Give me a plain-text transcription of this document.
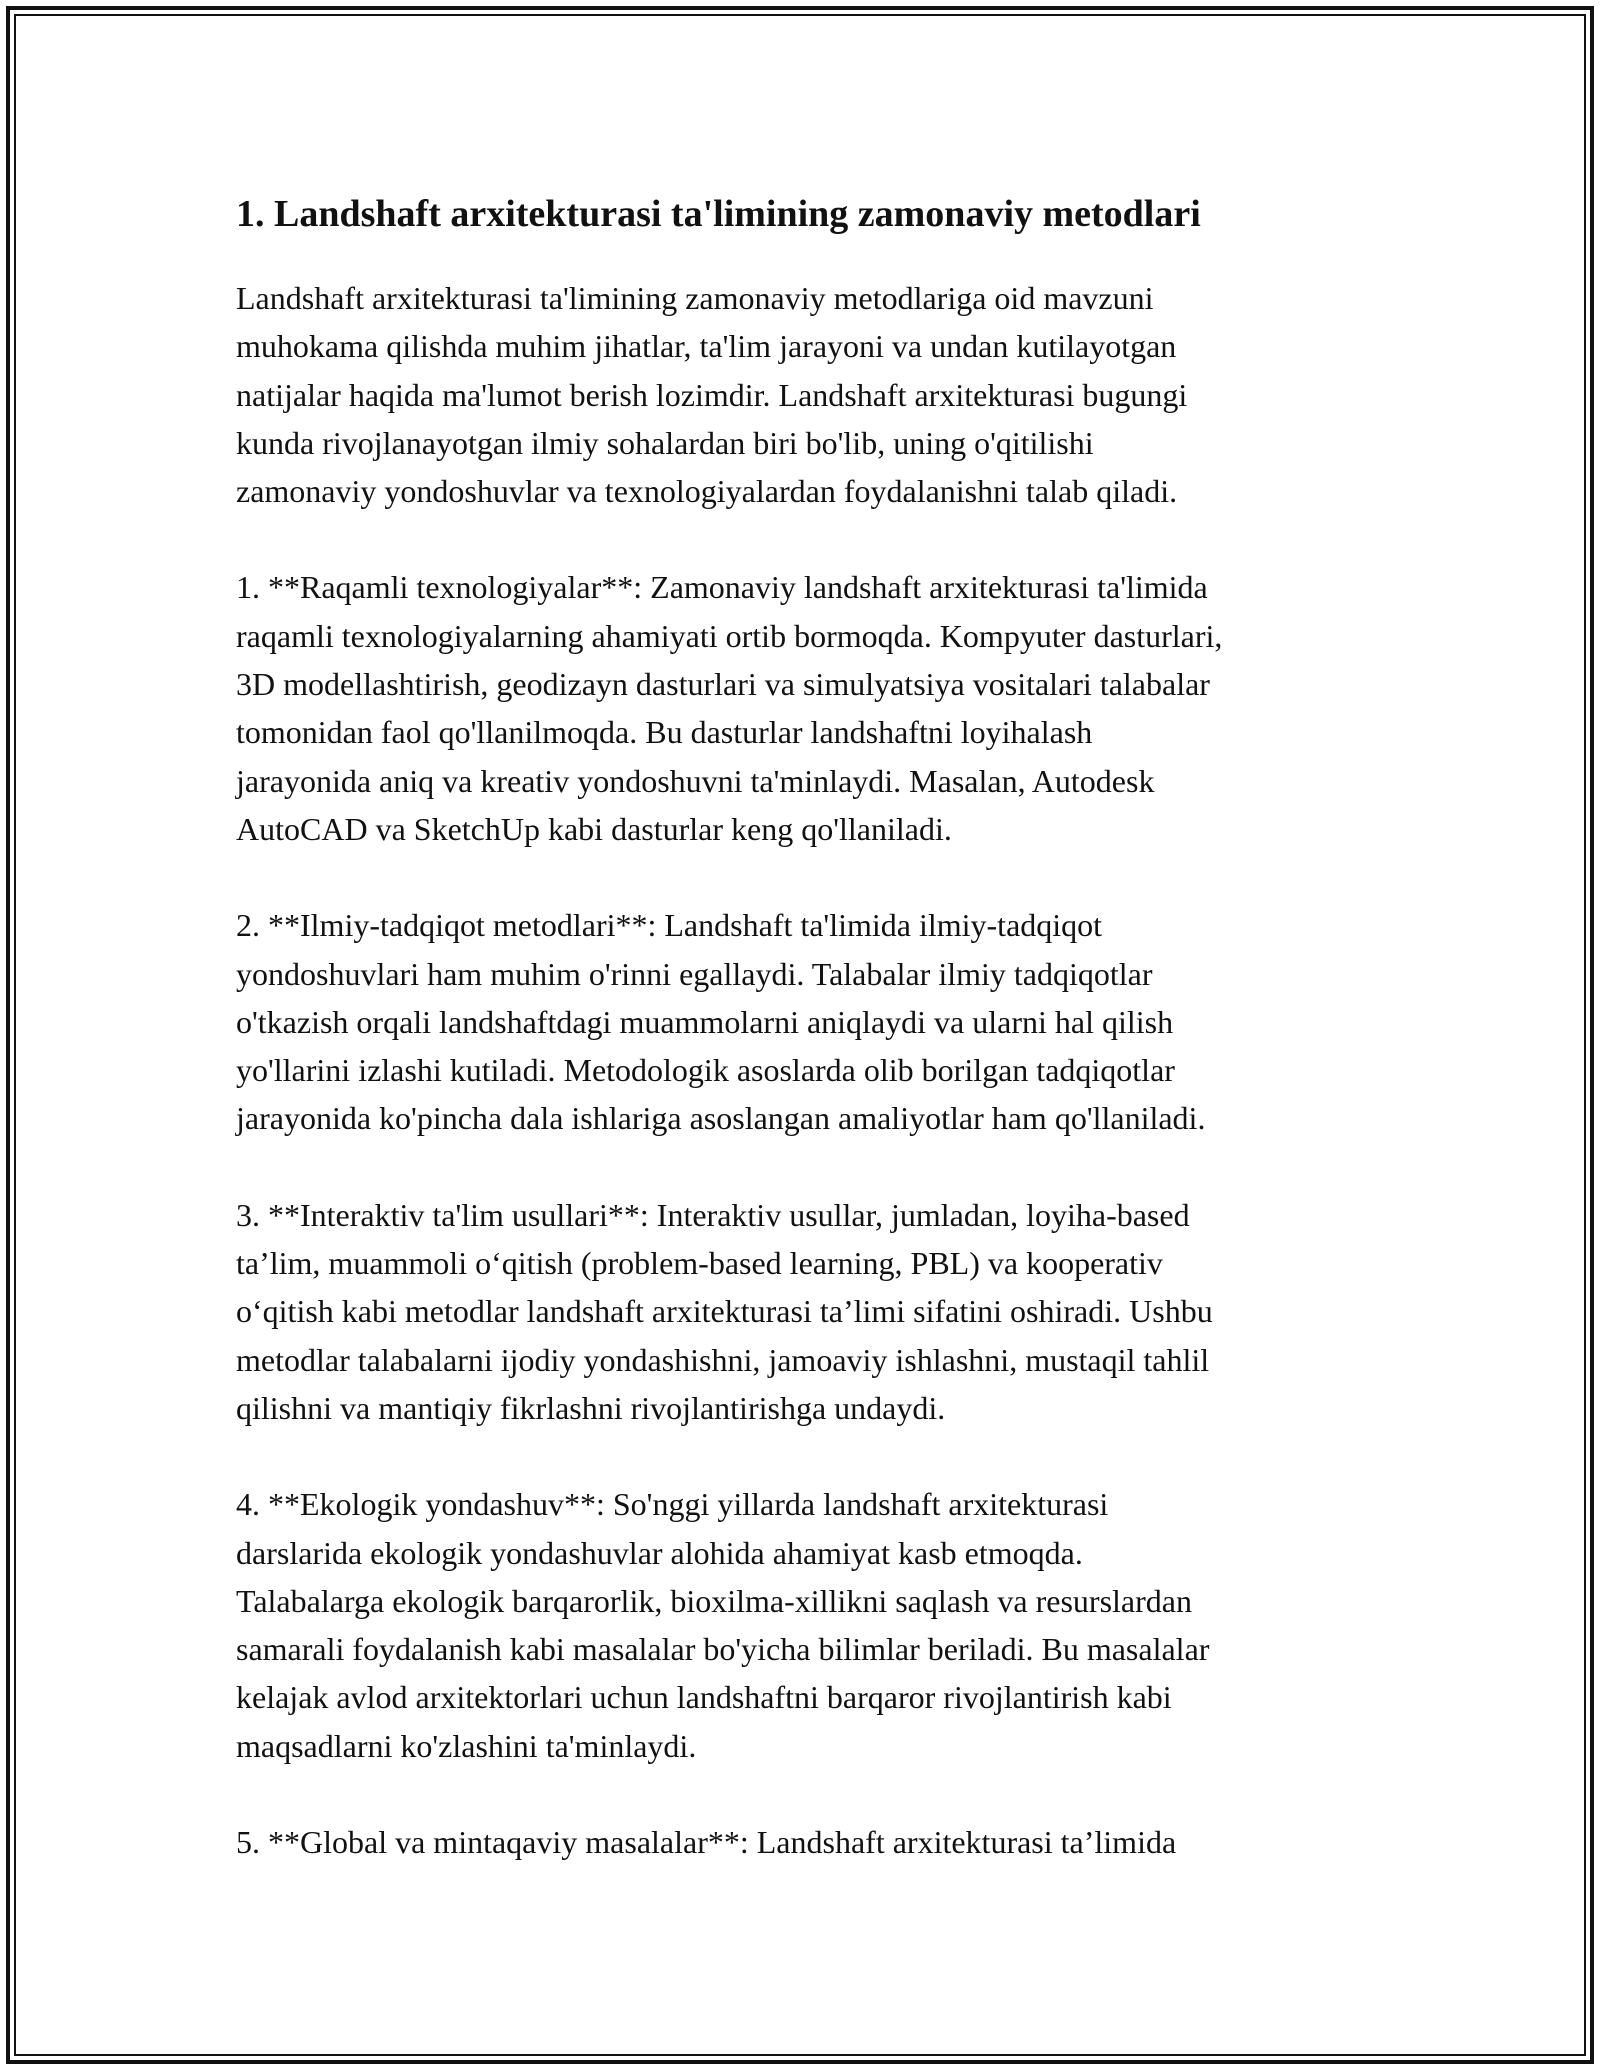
1. Landshaft arxitekturasi ta'limining zamonaviy metodlari

Landshaft arxitekturasi ta'limining zamonaviy metodlariga oid mavzuni
muhokama qilishda muhim jihatlar, ta'lim jarayoni va undan kutilayotgan
natijalar haqida ma'lumot berish lozimdir. Landshaft arxitekturasi bugungi
kunda rivojlanayotgan ilmiy sohalardan biri bo'lib, uning o'qitilishi
zamonaviy yondoshuvlar va texnologiyalardan foydalanishni talab qiladi.

1. **Raqamli texnologiyalar**: Zamonaviy landshaft arxitekturasi ta'limida
raqamli texnologiyalarning ahamiyati ortib bormoqda. Kompyuter dasturlari,
3D modellashtirish, geodizayn dasturlari va simulyatsiya vositalari talabalar
tomonidan faol qo'llanilmoqda. Bu dasturlar landshaftni loyihalash
jarayonida aniq va kreativ yondoshuvni ta'minlaydi. Masalan, Autodesk
AutoCAD va SketchUp kabi dasturlar keng qo'llaniladi.

2. **Ilmiy-tadqiqot metodlari**: Landshaft ta'limida ilmiy-tadqiqot
yondoshuvlari ham muhim o'rinni egallaydi. Talabalar ilmiy tadqiqotlar
o'tkazish orqali landshaftdagi muammolarni aniqlaydi va ularni hal qilish
yo'llarini izlashi kutiladi. Metodologik asoslarda olib borilgan tadqiqotlar
jarayonida ko'pincha dala ishlariga asoslangan amaliyotlar ham qo'llaniladi.

3. **Interaktiv ta'lim usullari**: Interaktiv usullar, jumladan, loyiha-based
ta’lim, muammoli o‘qitish (problem-based learning, PBL) va kooperativ
o‘qitish kabi metodlar landshaft arxitekturasi ta’limi sifatini oshiradi. Ushbu
metodlar talabalarni ijodiy yondashishni, jamoaviy ishlashni, mustaqil tahlil
qilishni va mantiqiy fikrlashni rivojlantirishga undaydi.

4. **Ekologik yondashuv**: So'nggi yillarda landshaft arxitekturasi
darslarida ekologik yondashuvlar alohida ahamiyat kasb etmoqda.
Talabalarga ekologik barqarorlik, bioxilma-xillikni saqlash va resurslardan
samarali foydalanish kabi masalalar bo'yicha bilimlar beriladi. Bu masalalar
kelajak avlod arxitektorlari uchun landshaftni barqaror rivojlantirish kabi
maqsadlarni ko'zlashini ta'minlaydi.

5. **Global va mintaqaviy masalalar**: Landshaft arxitekturasi ta’limida
